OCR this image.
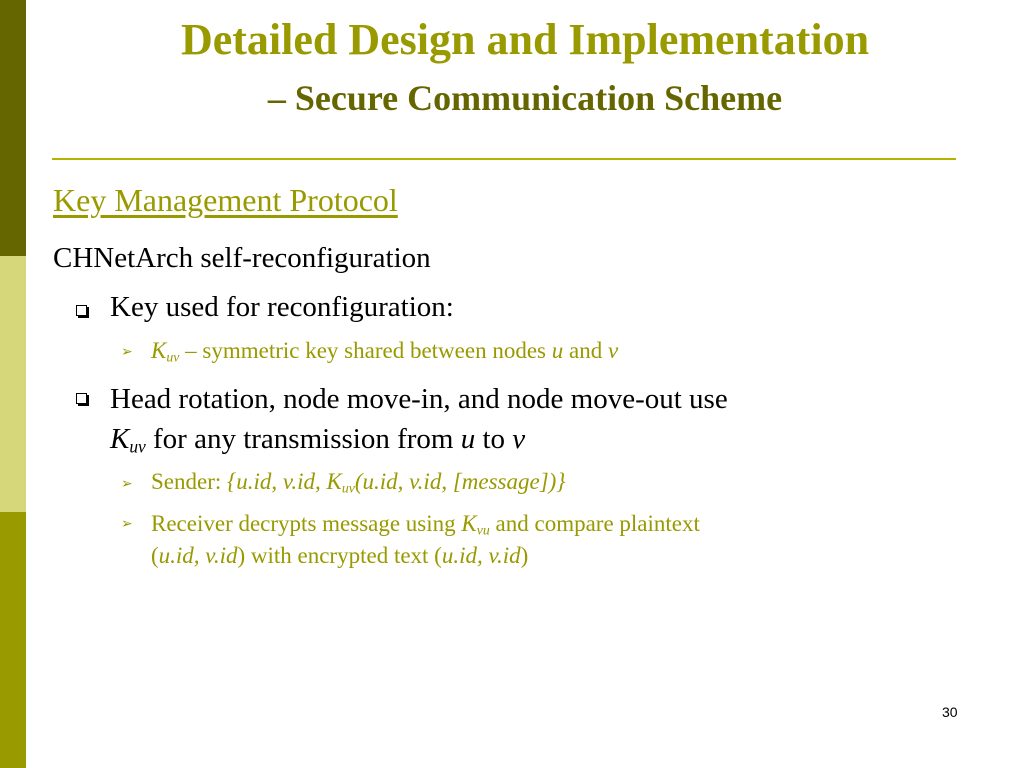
Detailed Design and Implementation
– Secure Communication Scheme
Key Management Protocol
CHNetArch self-reconfiguration
Key used for reconfiguration:
➢ $K_{uv}$ – symmetric key shared between nodes u and v
Head rotation, node move-in, and node move-out use
$K_{uv}$ for any transmission from u to v
➢ Sender: {u.id, v.id, $K_{uv}(u.id$, v.id, [message])}
➢ Receiver decrypts message using $K_{vu}$ and compare plaintext
(u.id, v.id) with encrypted text (u.id, v.id)
30
